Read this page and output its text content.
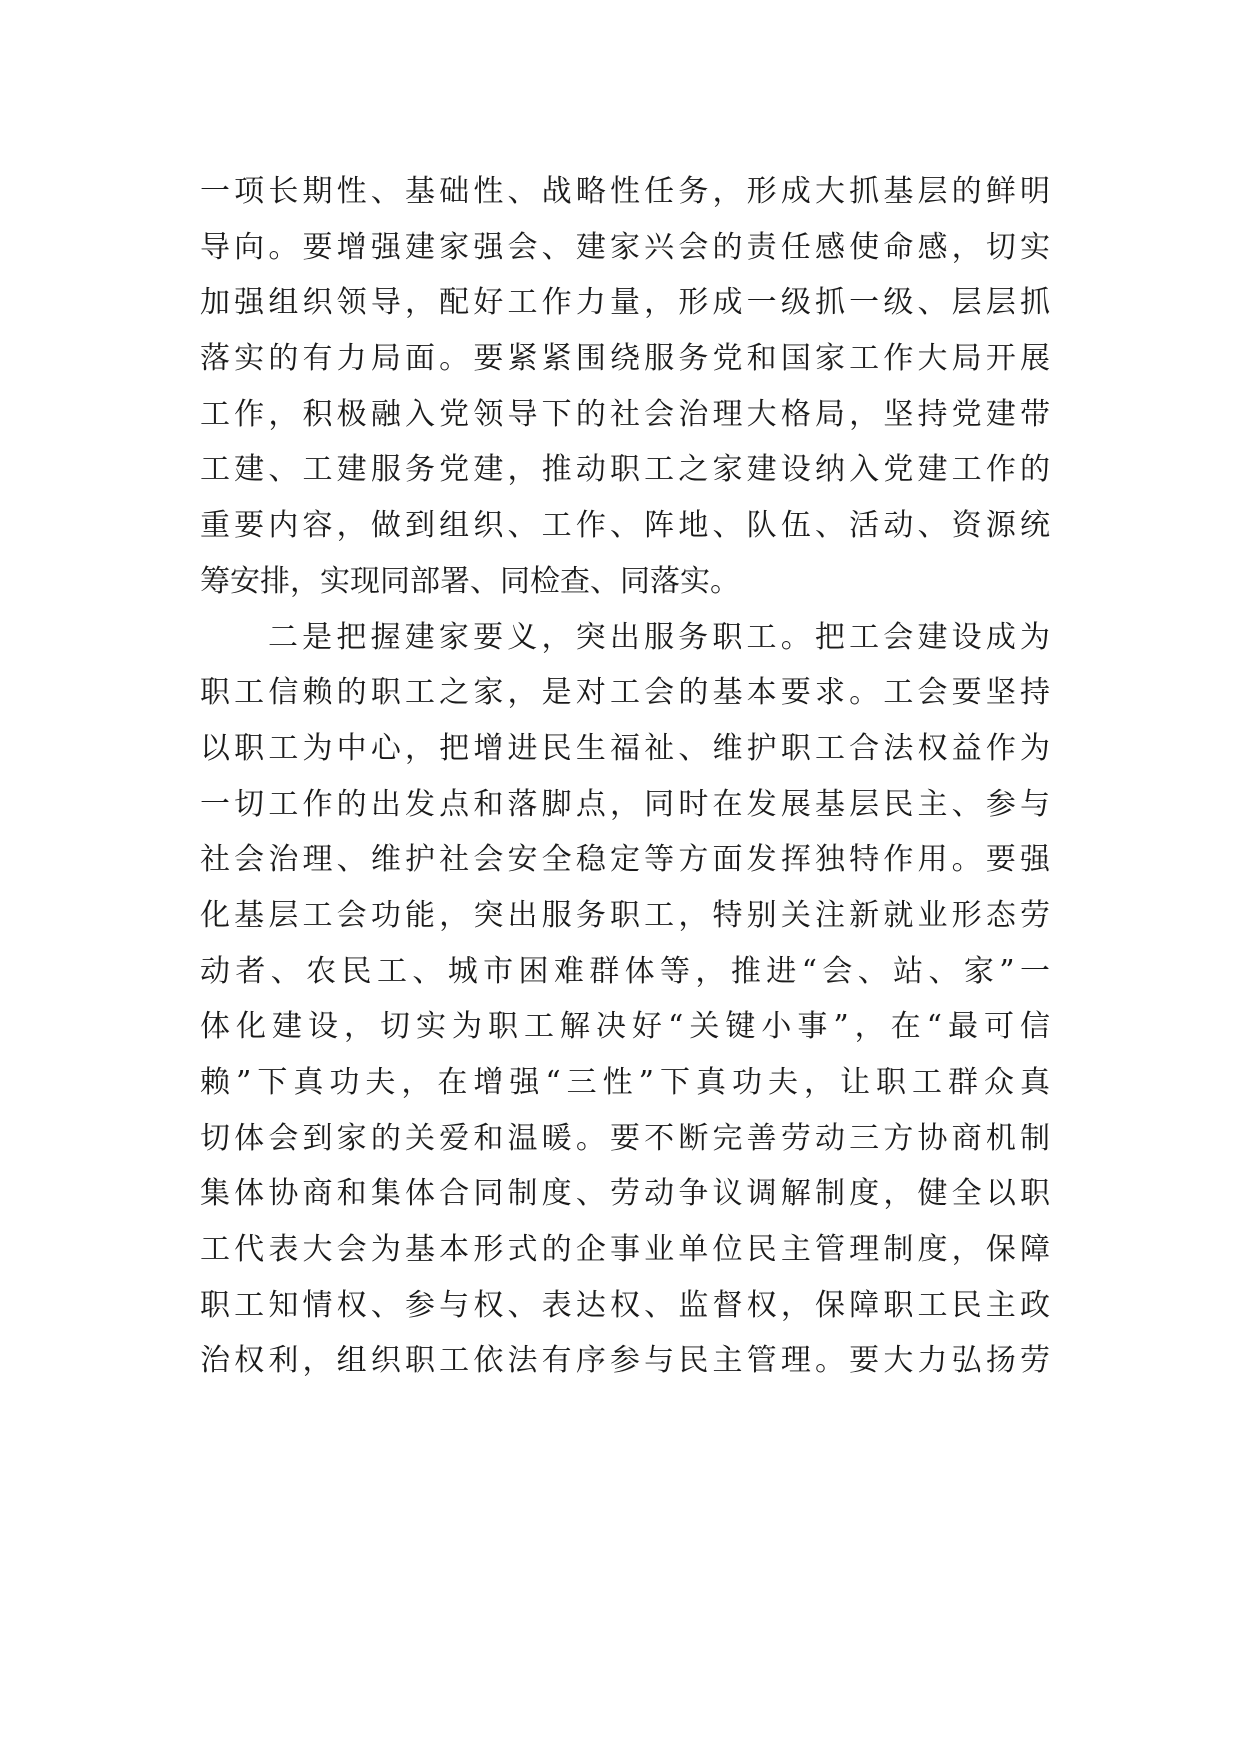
一项长期性、基础性、战略性任务，形成大抓基层的鲜明
导向。要增强建家强会、建家兴会的责任感使命感，切实
加强组织领导，配好工作力量，形成一级抓一级、层层抓
落实的有力局面。要紧紧围绕服务党和国家工作大局开展
工作，积极融入党领导下的社会治理大格局，坚持党建带
工建、工建服务党建，推动职工之家建设纳入党建工作的
重要内容，做到组织、工作、阵地、队伍、活动、资源统
筹安排，实现同部署、同检查、同落实。
二是把握建家要义，突出服务职工。把工会建设成为
职工信赖的职工之家，是对工会的基本要求。工会要坚持
以职工为中心，把增进民生福祉、维护职工合法权益作为
一切工作的出发点和落脚点，同时在发展基层民主、参与
社会治理、维护社会安全稳定等方面发挥独特作用。要强
化基层工会功能，突出服务职工，特别关注新就业形态劳
动者、农民工、城市困难群体等，推进“会、站、家”一
体化建设，切实为职工解决好“关键小事”，在“最可信
赖”下真功夫，在增强“三性”下真功夫，让职工群众真
切体会到家的关爱和温暖。要不断完善劳动三方协商机制
集体协商和集体合同制度、劳动争议调解制度，健全以职
工代表大会为基本形式的企事业单位民主管理制度，保障
职工知情权、参与权、表达权、监督权，保障职工民主政
治权利，组织职工依法有序参与民主管理。要大力弘扬劳
